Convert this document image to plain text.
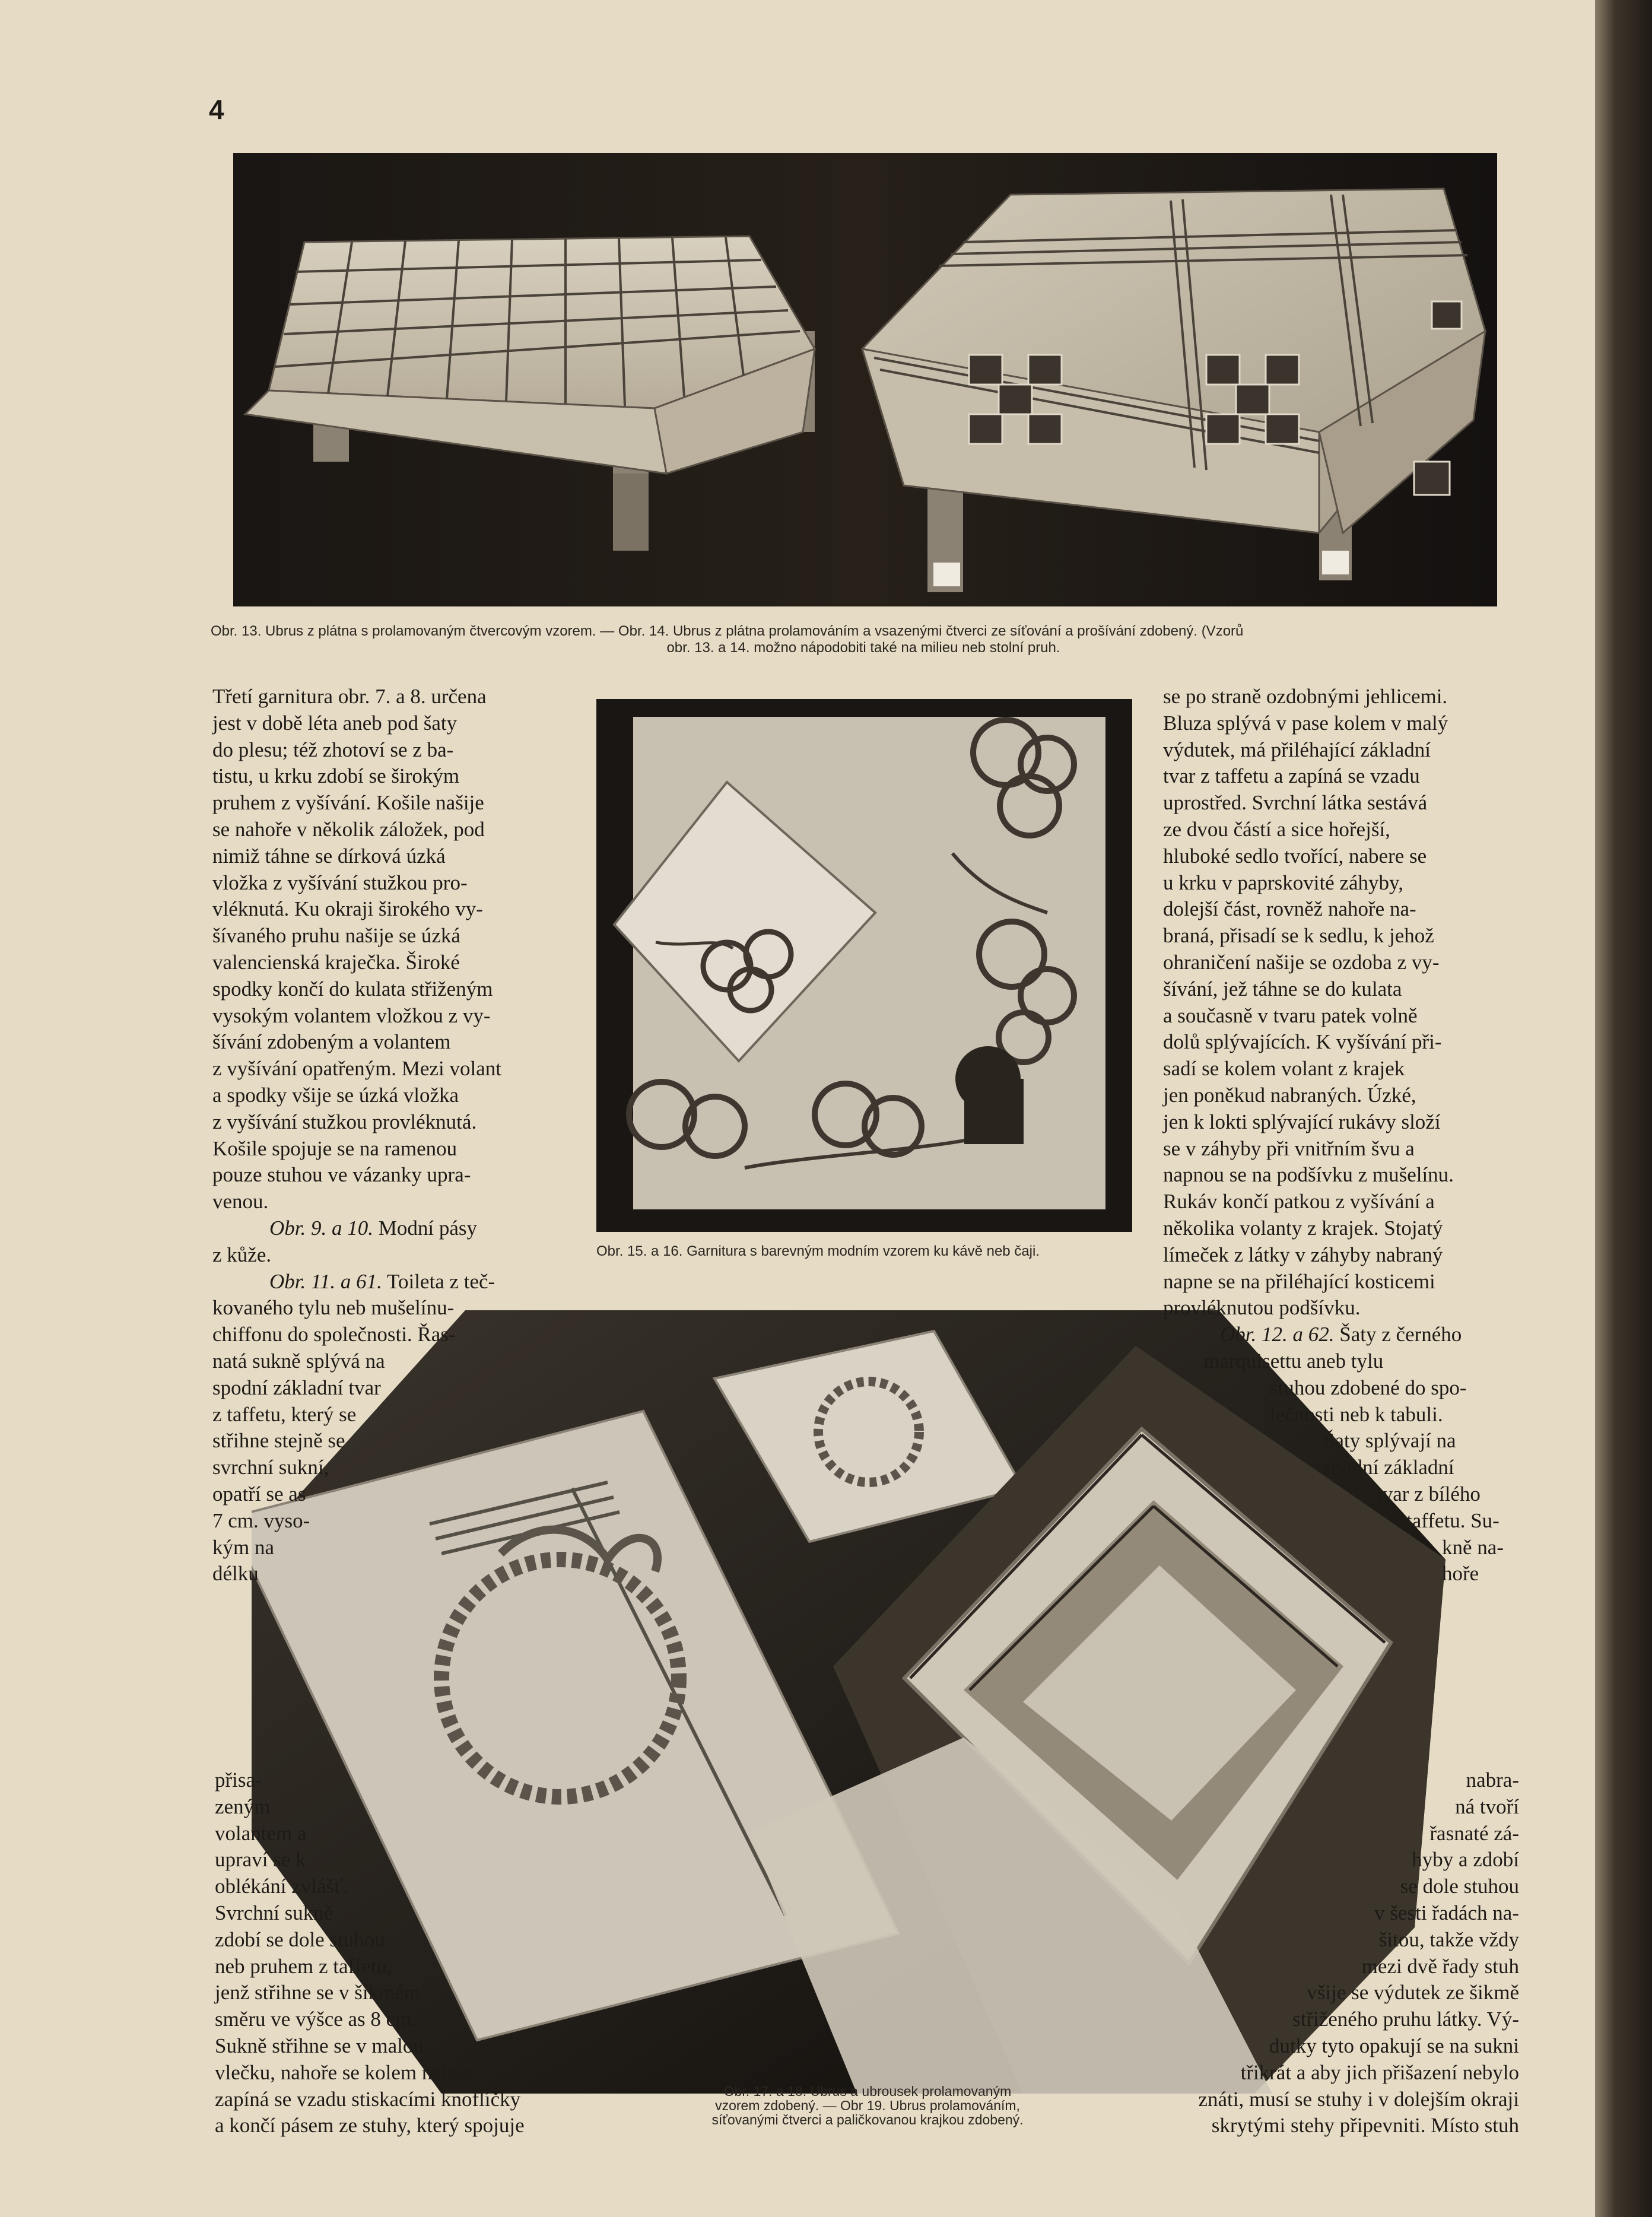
4
Obr. 13. Ubrus z plátna s prolamovaným čtvercovým vzorem. — Obr. 14. Ubrus z plátna prolamováním a vsazenými čtverci ze síťování a prošívání zdobený. (Vzorů
obr. 13. a 14. možno nápodobiti také na milieu neb stolní pruh.
Obr. 15. a 16. Garnitura s barevným modním vzorem ku kávě neb čaji.
Obr. 17. a 18. Ubrus a ubrousek prolamovaným
vzorem zdobený. — Obr 19. Ubrus prolamováním,
síťovanými čtverci a paličkovanou krajkou zdobený.

Třetí garnitura obr. 7. a 8. určena

jest v době léta aneb pod šaty

do plesu; též zhotoví se z ba-

tistu, u krku zdobí se širokým

pruhem z vyšívání. Košile našije

se nahoře v několik záložek, pod

nimiž táhne se dírková úzká

vložka z vyšívání stužkou pro-

vléknutá. Ku okraji širokého vy-

šívaného pruhu našije se úzká

valencienská kraječka. Široké

spodky končí do kulata střiženým

vysokým volantem vložkou z vy-

šívání zdobeným a volantem

z vyšívání opatřeným. Mezi volant

a spodky všije se úzká vložka

z vyšívání stužkou provléknutá.

Košile spojuje se na ramenou

pouze stuhou ve vázanky upra-

venou.

Obr. 9. a 10. Modní pásy

z kůže.

Obr. 11. a 61. Toileta z teč-

kovaného tylu neb mušelínu-

chiffonu do společnosti. Řas-

natá sukně splývá na

spodní základní tvar

z taffetu, který se

střihne stejně se

svrchní sukní,

opatří se as

7 cm. vyso-

kým na

délku

přisa-

zeným

volantem a

upraví se k

oblékání zvlášť.

Svrchní sukně

zdobí se dole stuhou

neb pruhem z taffetu,

jenž střihne se v šikmém

směru ve výšce as 8 cm.

Sukně střihne se v malou

vlečku, nahoře se kolem nabere,

zapíná se vzadu stiskacími knoflíčky

a končí pásem ze stuhy, který spojuje

se po straně ozdobnými jehlicemi.

Bluza splývá v pase kolem v malý

výdutek, má přiléhající základní

tvar z taffetu a zapíná se vzadu

uprostřed. Svrchní látka sestává

ze dvou částí a sice hořejší,

hluboké sedlo tvořící, nabere se

u krku v paprskovité záhyby,

dolejší část, rovněž nahoře na-

braná, přisadí se k sedlu, k jehož

ohraničení našije se ozdoba z vy-

šívání, jež táhne se do kulata

a současně v tvaru patek volně

dolů splývajících. K vyšívání při-

sadí se kolem volant z krajek

jen poněkud nabraných. Úzké,

jen k lokti splývající rukávy složí

se v záhyby při vnitřním švu a

napnou se na podšívku z mušelínu.

Rukáv končí patkou z vyšívání a

několika volanty z krajek. Stojatý

límeček z látky v záhyby nabraný

napne se na přiléhající kosticemi

provléknutou podšívku.

Obr. 12. a 62. Šaty z černého

marquisettu aneb tylu

stuhou zdobené do spo-

lečnosti neb k tabuli.

Šaty splývají na

spodní základní

tvar z bílého

taffetu. Su-

kně na-

hoře

nabra-

ná tvoří

řasnaté zá-

hyby a zdobí

se dole stuhou

v šesti řadách na-

šitou, takže vždy

mezi dvě řady stuh

všije se výdutek ze šikmě

střiženého pruhu látky. Vý-

dutky tyto opakují se na sukni

třikrát a aby jich přišazení nebylo

znáti, musí se stuhy i v dolejším okraji

skrytými stehy připevniti. Místo stuh
